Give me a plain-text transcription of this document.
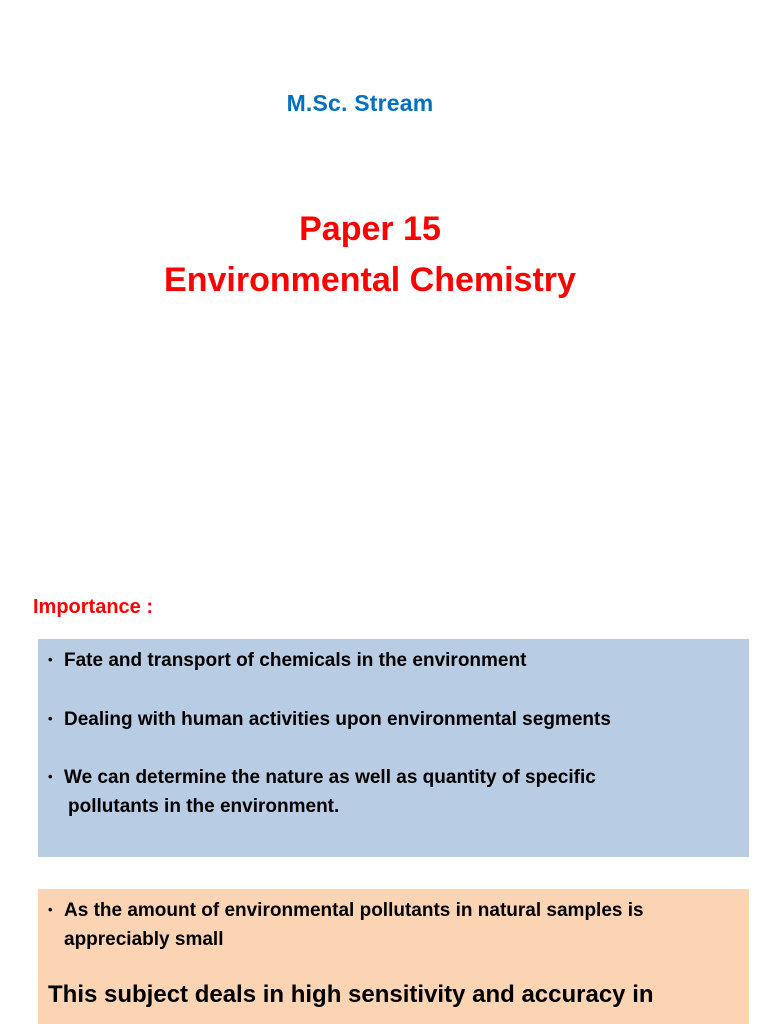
M.Sc. Stream
Paper 15
Environmental Chemistry
Importance :
• Fate and transport of chemicals in the environment
• Dealing with human activities upon environmental segments
• We can determine the nature as well as quantity of specific
pollutants in the environment.
• As the amount of environmental pollutants in natural samples is
appreciably small
This subject deals in high sensitivity and accuracy in
